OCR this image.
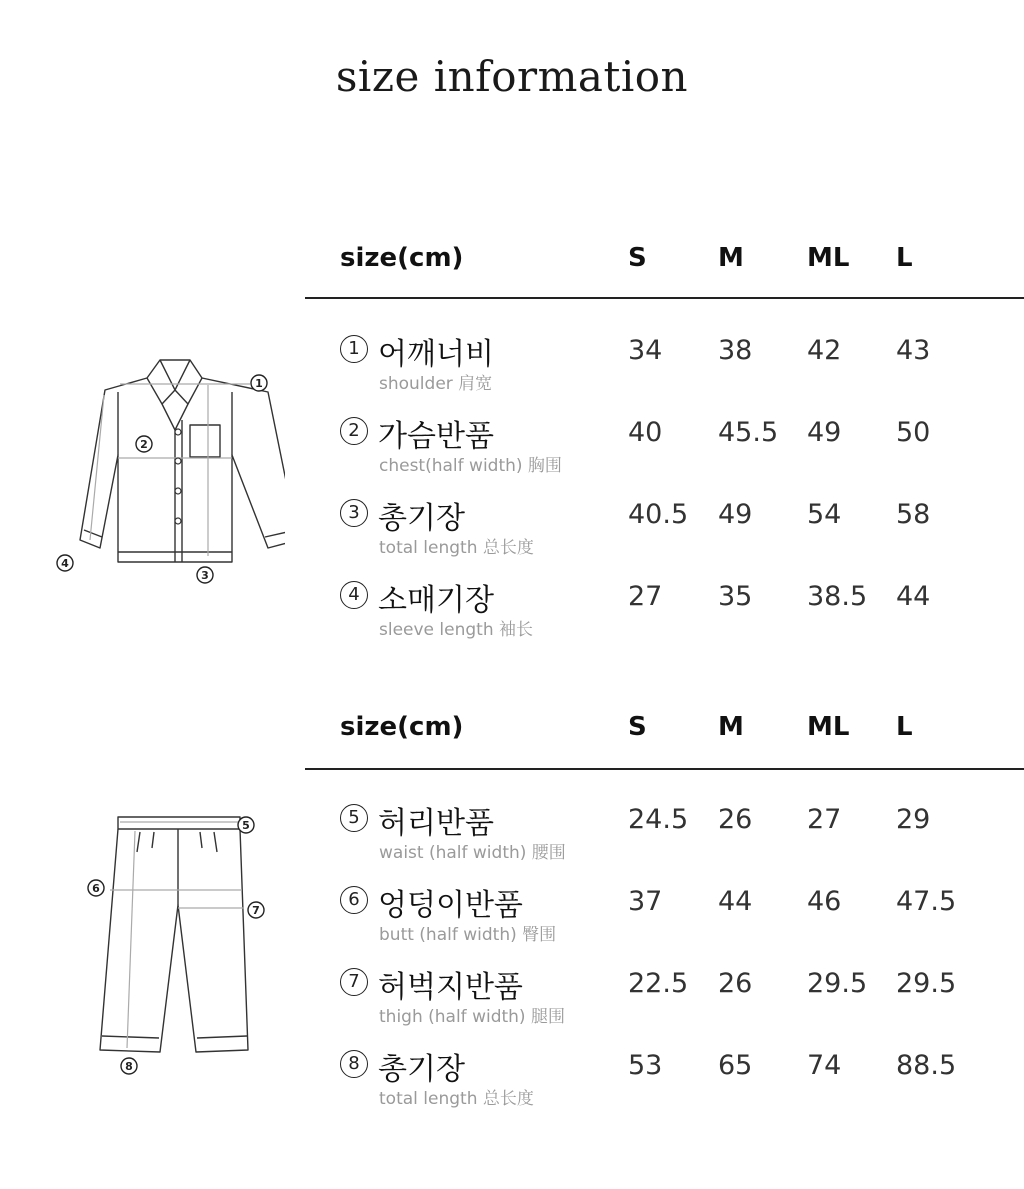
size information
1
2
3
4
5
6
7
8
size(cm)	S	M ML L
1 어깨너비
shoulder 肩宽
34 38 42 43
2 가슴반품
chest(half width) 胸围
40 45.5 49 50
3 총기장
total length 总长度
40.5 49 54 58
4 소매기장
sleeve length 袖长
27 35 38.5 44
size(cm)	S	M ML L
5 허리반품
waist (half width) 腰围
24.5 26 27 29
6 엉덩이반품
butt (half width) 臀围
37 44 46 47.5
7 허벅지반품
thigh (half width) 腿围
22.5 26 29.5 29.5
8 총기장
total length 总长度
53 65 74 88.5
